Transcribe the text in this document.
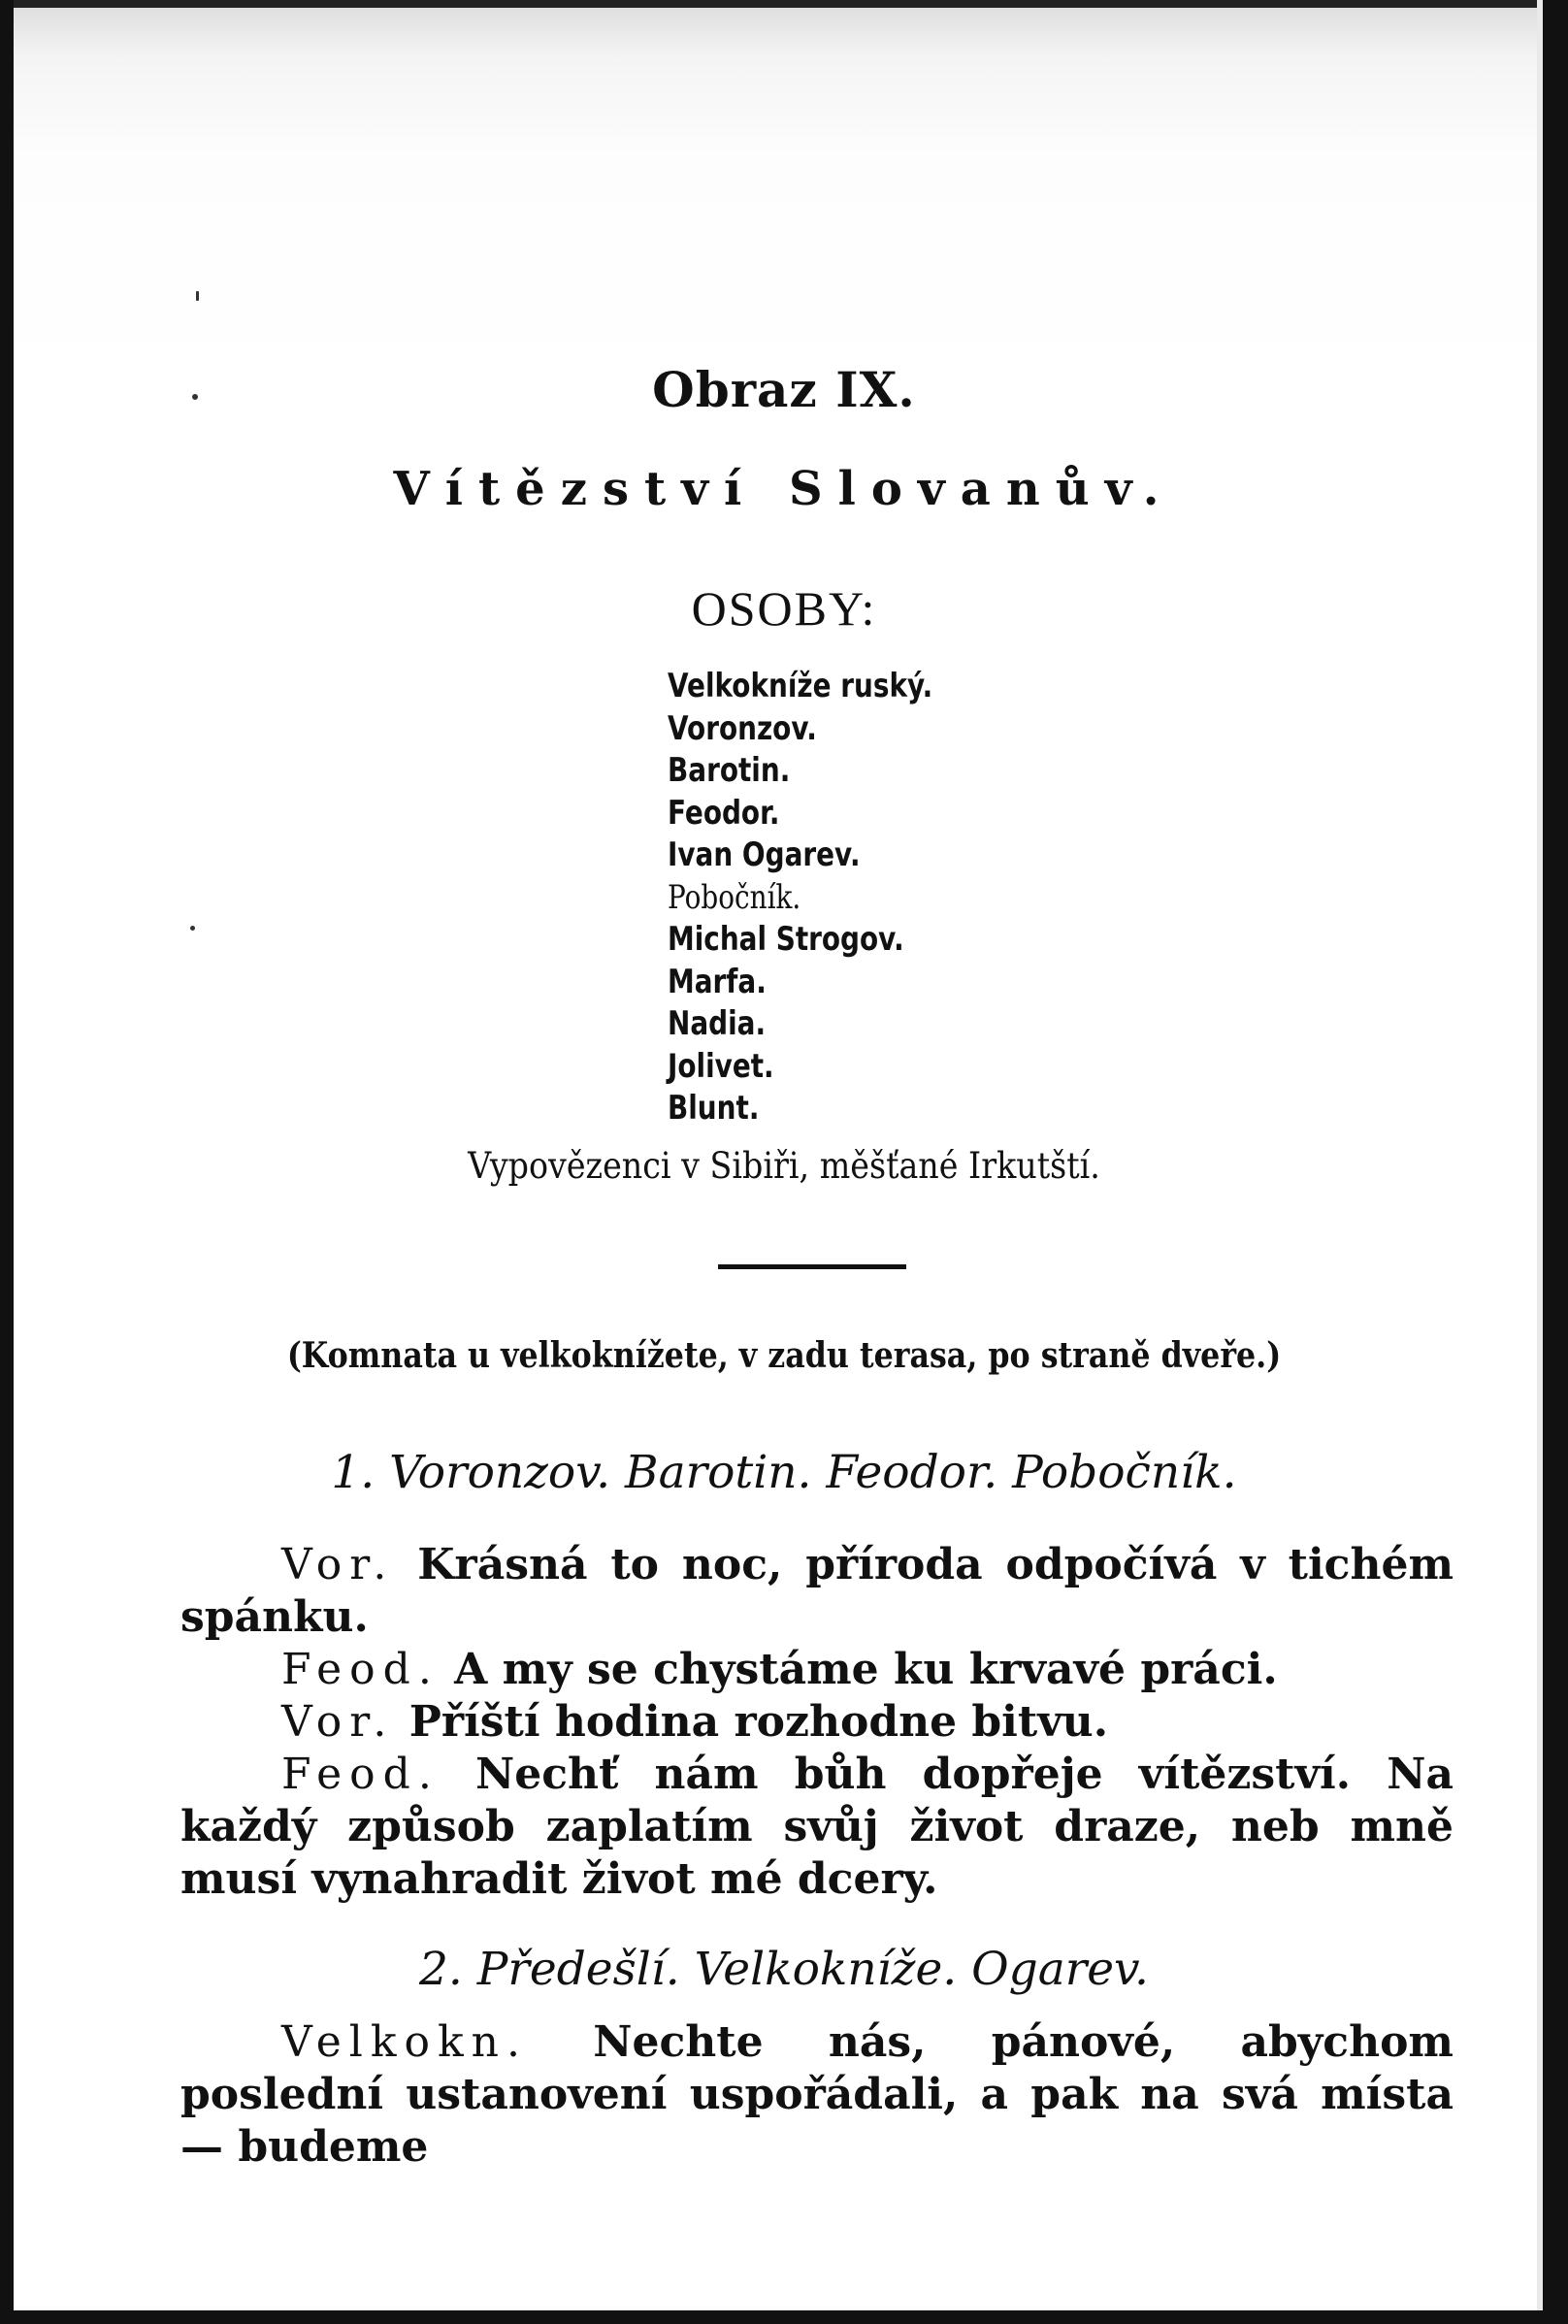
Obraz IX.
Vítězství Slovanův.
OSOBY:
Velkokníže ruský.
Voronzov.
Barotin.
Feodor.
Ivan Ogarev.
Pobočník.
Michal Strogov.
Marfa.
Nadia.
Jolivet.
Blunt.
Vypovězenci v Sibiři, měšťané Irkutští.
(Komnata u velkoknížete, v zadu terasa, po straně dveře.)
1. Voronzov. Barotin. Feodor. Pobočník.

Vor. Krásná to noc, příroda odpočívá v tichém spánku.

Feod. A my se chystáme ku krvavé práci.

Vor. Příští hodina rozhodne bitvu.

Feod. Nechť nám bůh dopřeje vítězství. Na každý způsob zaplatím svůj život draze, neb mně musí vynahradit život mé dcery.

2. Předešlí. Velkokníže. Ogarev.

Velkokn. Nechte nás, pánové, abychom poslední ustanovení uspořádali, a pak na svá místa — budeme
